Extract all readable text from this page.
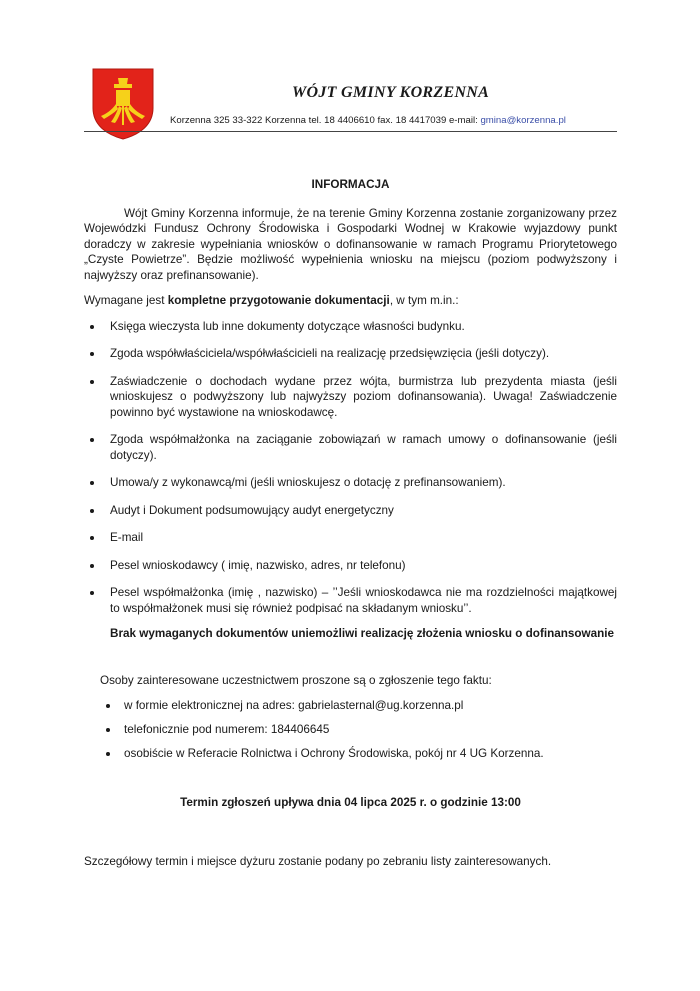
WÓJT GMINY KORZENNA
Korzenna 325 33-322 Korzenna tel. 18 4406610 fax. 18 4417039 e-mail: gmina@korzenna.pl
INFORMACJA

Wójt Gminy Korzenna informuje, że na terenie Gminy Korzenna zostanie zorganizowany przez Wojewódzki Fundusz Ochrony Środowiska i Gospodarki Wodnej w Krakowie wyjazdowy punkt doradczy w zakresie wypełniania wniosków o dofinansowanie w ramach Programu Priorytetowego „Czyste Powietrze”. Będzie możliwość wypełnienia wniosku na miejscu (poziom podwyższony i najwyższy oraz prefinansowanie).

Wymagane jest kompletne przygotowanie dokumentacji, w tym m.in.:

Księga wieczysta lub inne dokumenty dotyczące własności budynku.
Zgoda współwłaściciela/współwłaścicieli na realizację przedsięwzięcia (jeśli dotyczy).
Zaświadczenie o dochodach wydane przez wójta, burmistrza lub prezydenta miasta (jeśli wnioskujesz o podwyższony lub najwyższy poziom dofinansowania). Uwaga! Zaświadczenie powinno być wystawione na wnioskodawcę.
Zgoda współmałżonka na zaciąganie zobowiązań w ramach umowy o dofinansowanie (jeśli dotyczy).
Umowa/y z wykonawcą/mi (jeśli wnioskujesz o dotację z prefinansowaniem).
Audyt i Dokument podsumowujący audyt energetyczny
E-mail
Pesel wnioskodawcy ( imię, nazwisko, adres, nr telefonu)
Pesel współmałżonka (imię , nazwisko) – ’’Jeśli wnioskodawca nie ma rozdzielności majątkowej to współmałżonek musi się również podpisać na składanym wniosku’’.
Brak wymaganych dokumentów uniemożliwi realizację złożenia wniosku o dofinansowanie

Osoby zainteresowane uczestnictwem proszone są o zgłoszenie tego faktu:

w formie elektronicznej na adres: gabrielasternal@ug.korzenna.pl
telefonicznie pod numerem: 184406645
osobiście w Referacie Rolnictwa i Ochrony Środowiska, pokój nr 4 UG Korzenna.
Termin zgłoszeń upływa dnia 04 lipca 2025 r. o godzinie 13:00

Szczegółowy termin i miejsce dyżuru zostanie podany po zebraniu listy zainteresowanych.
